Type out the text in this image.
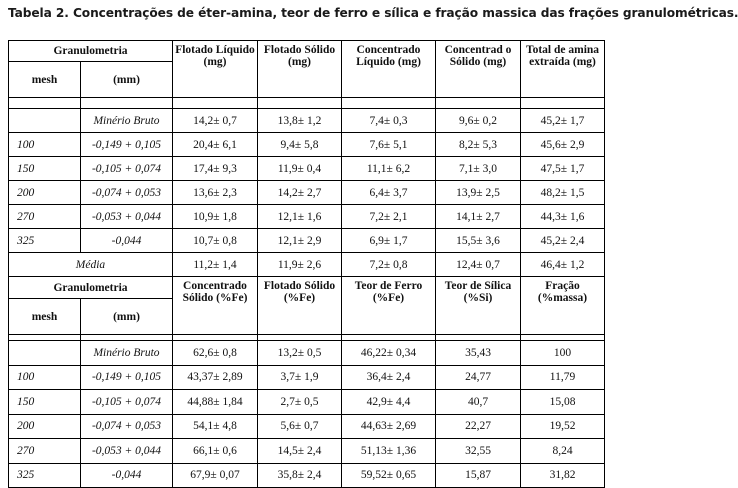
Tabela 2. Concentrações de éter-amina, teor de ferro e sílica e fração massica das frações granulométricas.
Granulometria		Flotado Líquido (mg)	Flotado Sólido (mg)	Concentrado Líquido (mg)	Concentrad o Sólido (mg)	Total de amina extraída (mg)
mesh	(mm)					

	Minério Bruto	14,2± 0,7	13,8± 1,2	7,4± 0,3	9,6± 0,2	45,2± 1,7
100	-0,149 + 0,105	20,4± 6,1	9,4± 5,8	7,6± 5,1	8,2± 5,3	45,6± 2,9
150	-0,105 + 0,074	17,4± 9,3	11,9± 0,4	11,1± 6,2	7,1± 3,0	47,5± 1,7
200	-0,074 + 0,053	13,6± 2,3	14,2± 2,7	6,4± 3,7	13,9± 2,5	48,2± 1,5
270	-0,053 + 0,044	10,9± 1,8	12,1± 1,6	7,2± 2,1	14,1± 2,7	44,3± 1,6
325	-0,044	10,7± 0,8	12,1± 2,9	6,9± 1,7	15,5± 3,6	45,2± 2,4
Média		11,2± 1,4	11,9± 2,6	7,2± 0,8	12,4± 0,7	46,4± 1,2
Granulometria		Concentrado Sólido (%Fe)	Flotado Sólido (%Fe)	Teor de Ferro (%Fe)	Teor de Sílica (%Si)	Fração (%massa)
mesh	(mm)					

	Minério Bruto	62,6± 0,8	13,2± 0,5	46,22± 0,34	35,43	100
100	-0,149 + 0,105	43,37± 2,89	3,7± 1,9	36,4± 2,4	24,77	11,79
150	-0,105 + 0,074	44,88± 1,84	2,7± 0,5	42,9± 4,4	40,7	15,08
200	-0,074 + 0,053	54,1± 4,8	5,6± 0,7	44,63± 2,69	22,27	19,52
270	-0,053 + 0,044	66,1± 0,6	14,5± 2,4	51,13± 1,36	32,55	8,24
325	-0,044	67,9± 0,07	35,8± 2,4	59,52± 0,65	15,87	31,82
